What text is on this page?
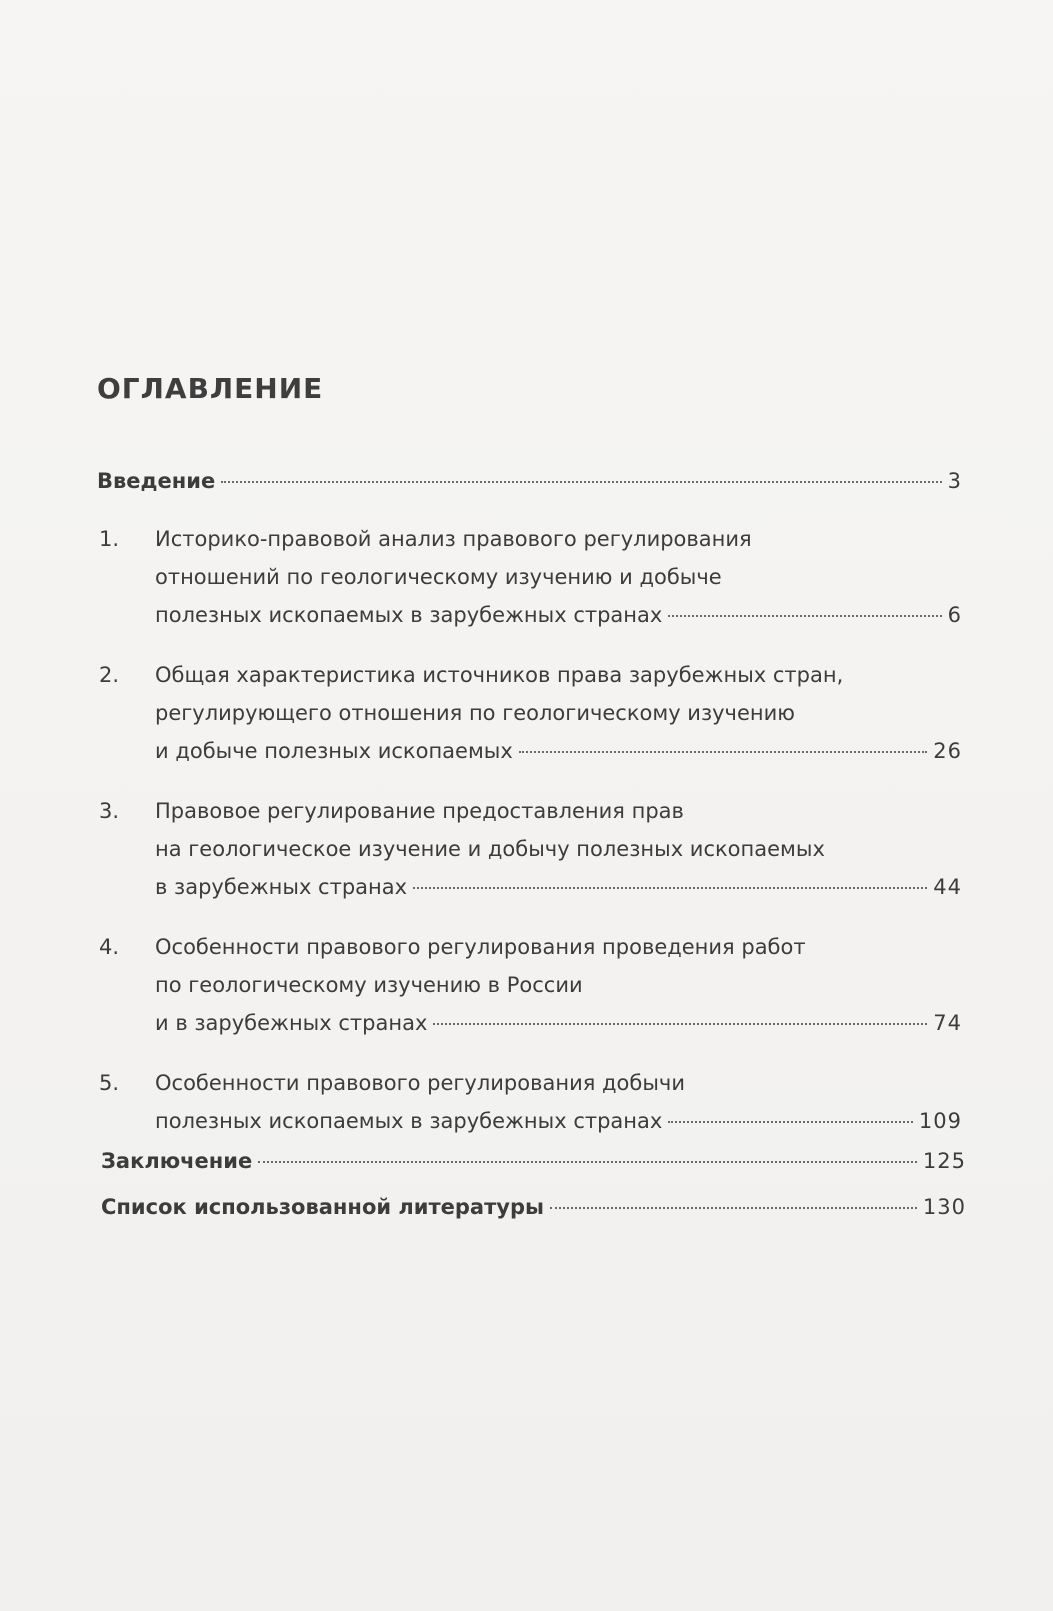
ОГЛАВЛЕНИЕ
Введение	3
1. Историко-правовой анализ правового регулирования
отношений по геологическому изучению и добыче
полезных ископаемых в зарубежных странах	6
2. Общая характеристика источников права зарубежных стран,
регулирующего отношения по геологическому изучению
и добыче полезных ископаемых	26
3. Правовое регулирование предоставления прав
на геологическое изучение и добычу полезных ископаемых
в зарубежных странах	44
4. Особенности правового регулирования проведения работ
по геологическому изучению в России
и в зарубежных странах	74
5. Особенности правового регулирования добычи
полезных ископаемых в зарубежных странах	109
Заключение	125
Список использованной литературы	130
